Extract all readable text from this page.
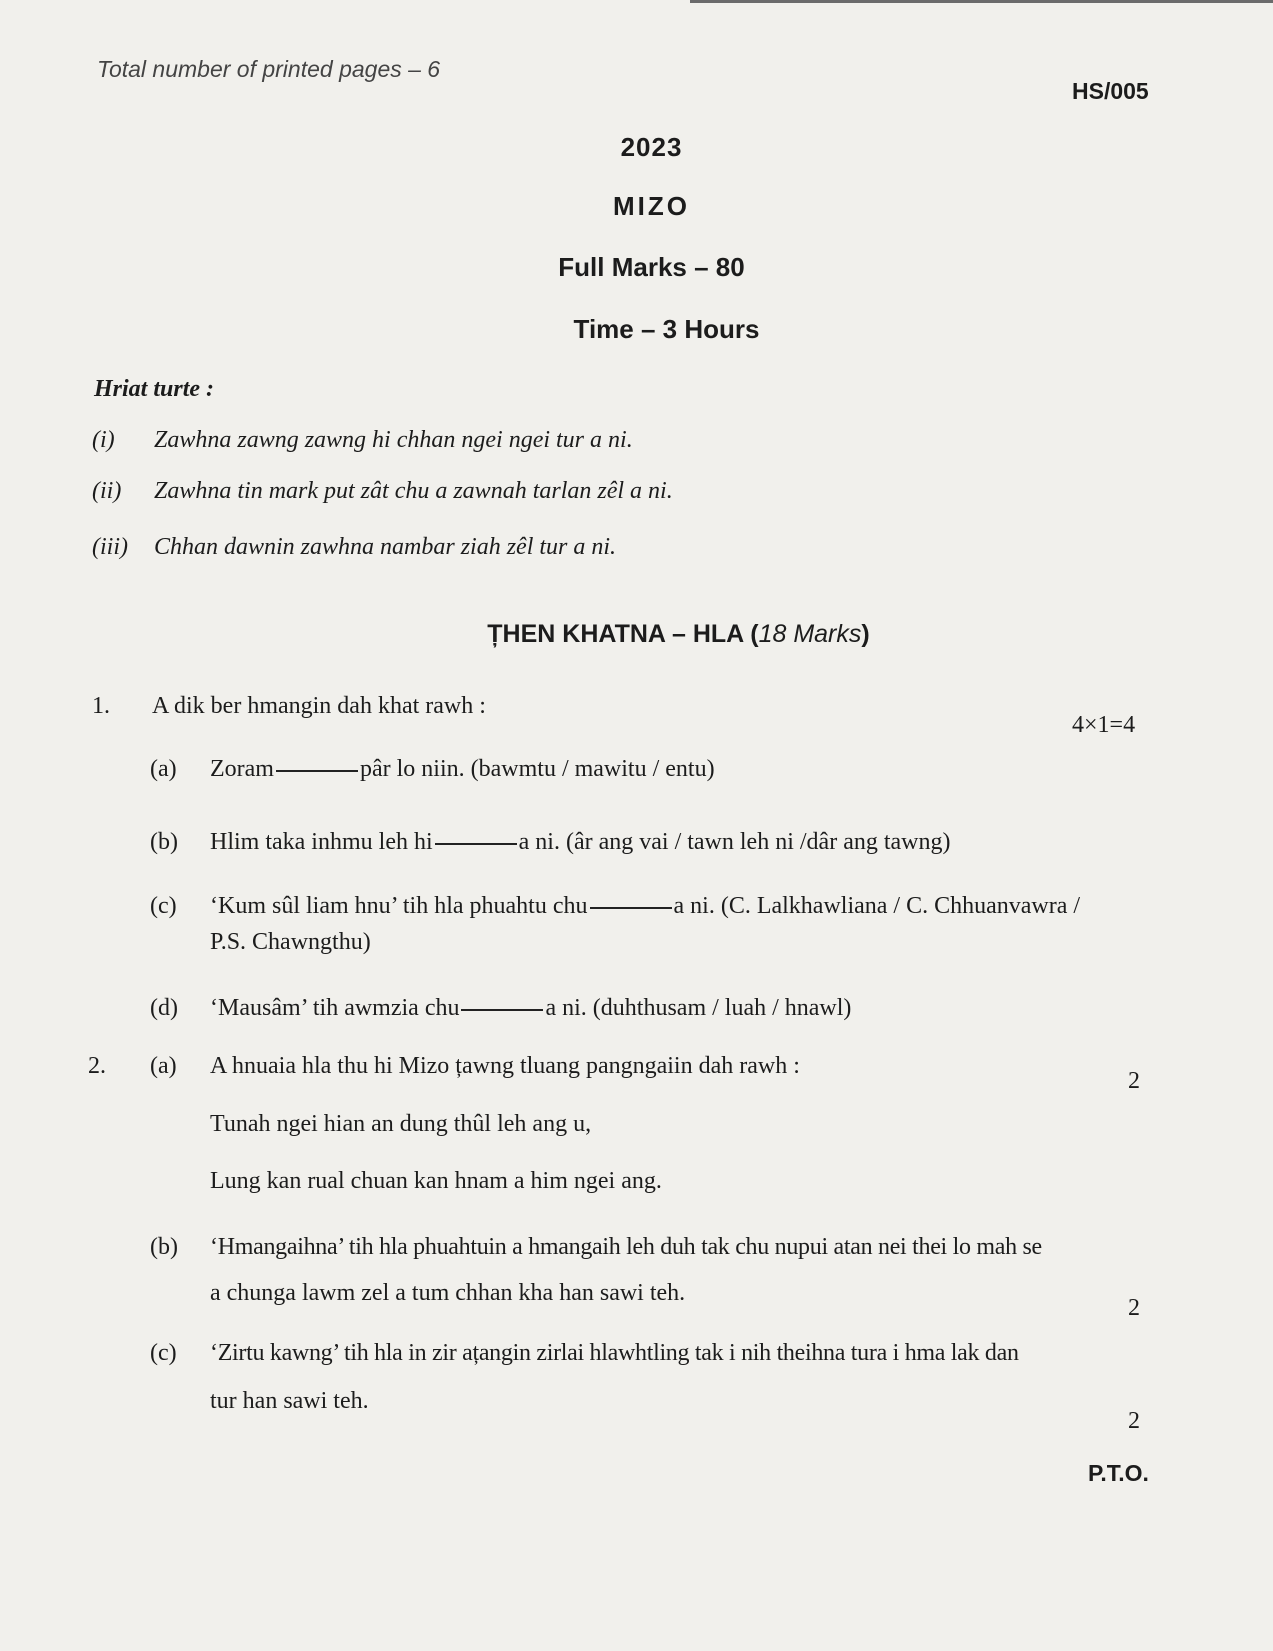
Total number of printed pages – 6
HS/005
2023
MIZO
Full Marks – 80
Time – 3 Hours
Hriat turte :
(i) Zawhna zawng zawng hi chhan ngei ngei tur a ni.
(ii) Zawhna tin mark put zât chu a zawnah tarlan zêl a ni.
(iii) Chhan dawnin zawhna nambar ziah zêl tur a ni.
ȚHEN KHATNA – HLA (18 Marks)
1. A dik ber hmangin dah khat rawh :
4×1=4
(a) Zoram	pâr lo niin. (bawmtu / mawitu / entu)
(b) Hlim taka inhmu leh hi	a ni. (âr ang vai / tawn leh ni /dâr ang tawng)
(c) ‘Kum sûl liam hnu’ tih hla phuahtu chu	a ni. (C. Lalkhawliana / C. Chhuanvawra /
P.S. Chawngthu)
(d) ‘Mausâm’ tih awmzia chu	a ni. (duhthusam / luah / hnawl)
2. (a) A hnuaia hla thu hi Mizo țawng tluang pangngaiin dah rawh :
2
Tunah ngei hian an dung thûl leh ang u,
Lung kan rual chuan kan hnam a him ngei ang.
(b) ‘Hmangaihna’ tih hla phuahtuin a hmangaih leh duh tak chu nupui atan nei thei lo mah se
a chunga lawm zel a tum chhan kha han sawi teh.
2
(c) ‘Zirtu kawng’ tih hla in zir ațangin zirlai hlawhtling tak i nih theihna tura i hma lak dan
tur han sawi teh.
2
P.T.O.
